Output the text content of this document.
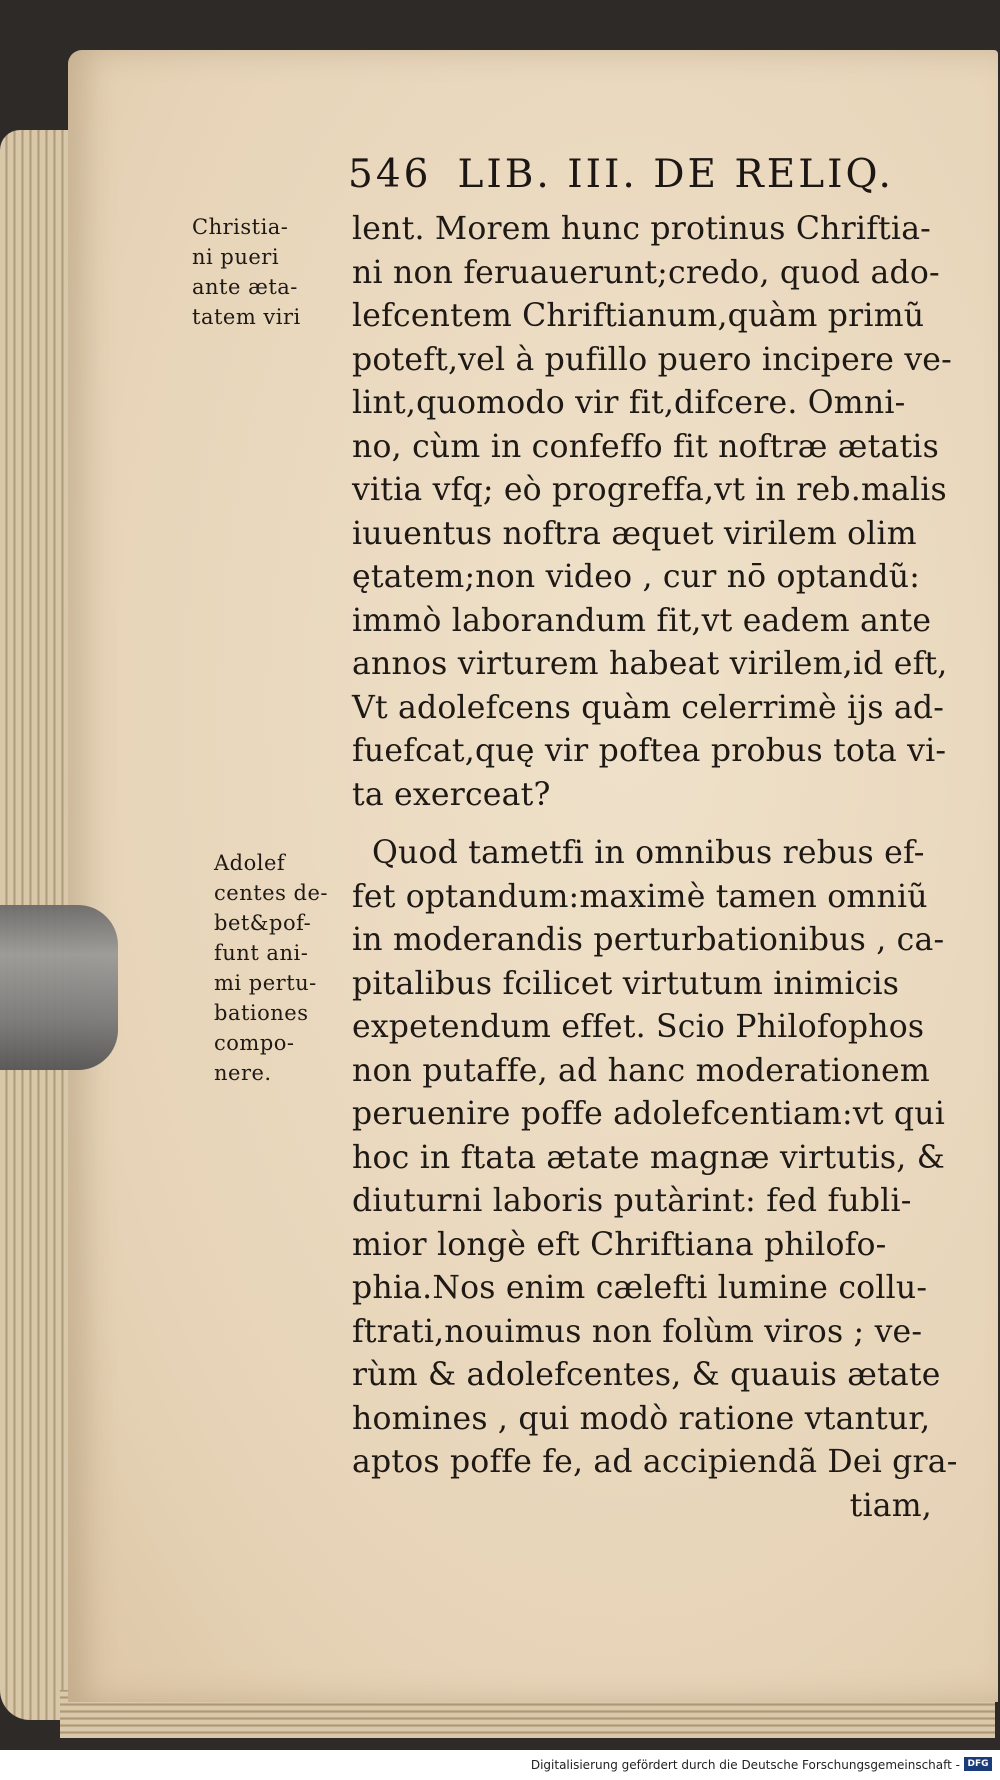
546 LIB. III. DE RELIQ.
Christia-
ni pueri
ante æta-
tatem viri
Adolef
centes de-
bet&pof-
funt ani-
mi pertu-
bationes
compo-
nere.
lent. Morem hunc protinus Chriftia-
ni non feruauerunt;credo, quod ado-
lefcentem Chriftianum,quàm primũ
poteft,vel à pufillo puero incipere ve-
lint,quomodo vir fit,difcere. Omni-
no, cùm in confeffo fit noftræ ætatis
vitia vfq; eò progreffa,vt in reb.malis
iuuentus noftra æquet virilem olim
ętatem;non video , cur nō optandũ:
immò laborandum fit,vt eadem ante
annos virturem habeat virilem,id eft,
Vt adolefcens quàm celerrimè ijs ad-
fuefcat,quę vir poftea probus tota vi-
ta exerceat?
Quod tametfi in omnibus rebus ef-
fet optandum:maximè tamen omniũ
in moderandis perturbationibus , ca-
pitalibus fcilicet virtutum inimicis
expetendum effet. Scio Philofophos
non putaffe, ad hanc moderationem
peruenire poffe adolefcentiam:vt qui
hoc in ftata ætate magnæ virtutis, &
diuturni laboris putàrint: fed fubli-
mior longè eft Chriftiana philofo-
phia.Nos enim cælefti lumine collu-
ftrati,nouimus non folùm viros ; ve-
rùm & adolefcentes, & quauis ætate
homines , qui modò ratione vtantur,
aptos poffe fe, ad accipiendã Dei gra-
tiam,
Digitalisierung gefördert durch die Deutsche Forschungsgemeinschaft - DFG
